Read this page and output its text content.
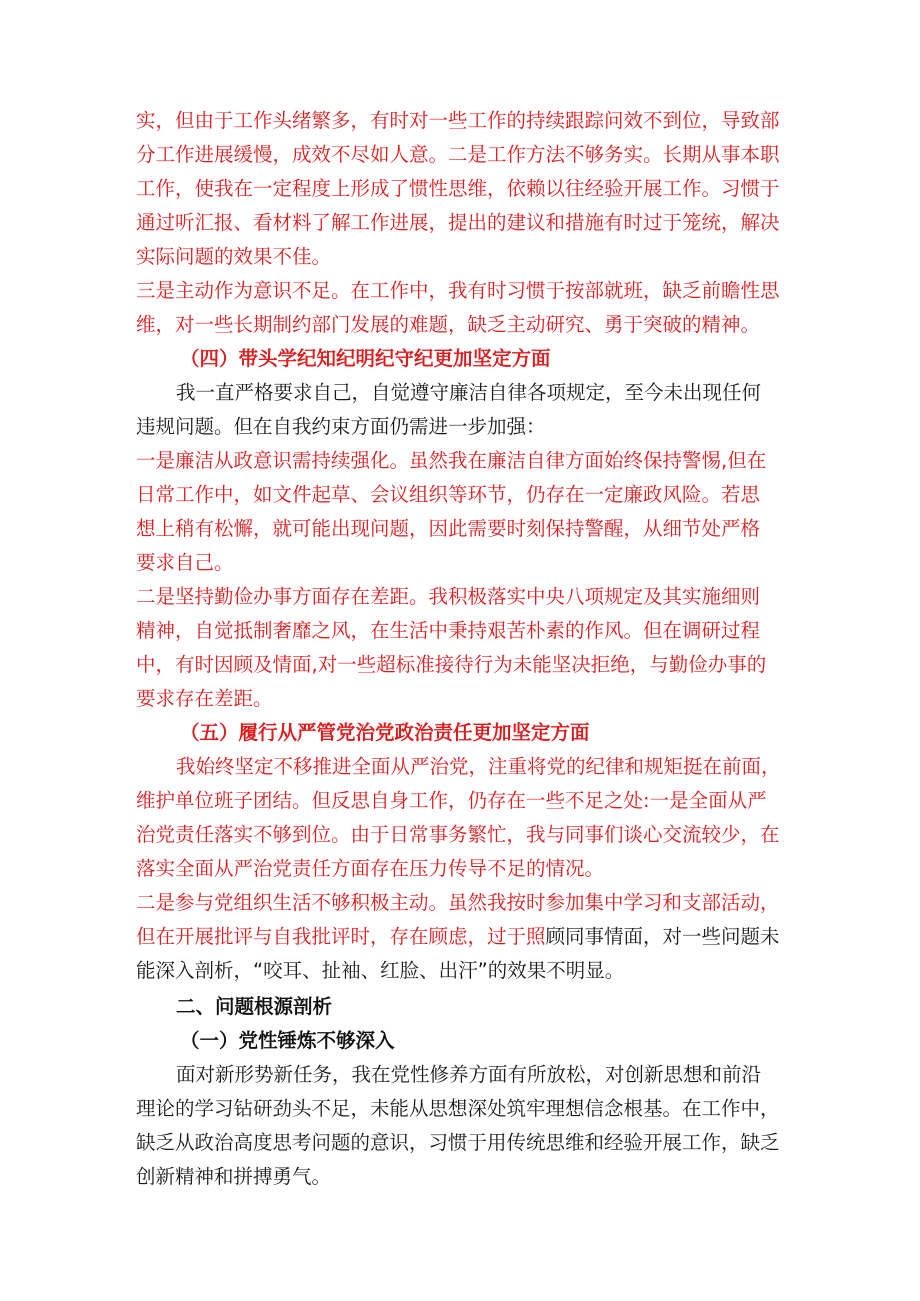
实，但由于工作头绪繁多，有时对一些工作的持续跟踪问效不到位，导致部
分工作进展缓慢，成效不尽如人意。二是工作方法不够务实。长期从事本职
工作，使我在一定程度上形成了惯性思维，依赖以往经验开展工作。习惯于
通过听汇报、看材料了解工作进展，提出的建议和措施有时过于笼统，解决
实际问题的效果不佳。
三是主动作为意识不足。在工作中，我有时习惯于按部就班，缺乏前瞻性思
维，对一些长期制约部门发展的难题，缺乏主动研究、勇于突破的精神。
（四）带头学纪知纪明纪守纪更加坚定方面
我一直严格要求自己，自觉遵守廉洁自律各项规定，至今未出现任何
违规问题。但在自我约束方面仍需进一步加强：
一是廉洁从政意识需持续强化。虽然我在廉洁自律方面始终保持警惕,但在
日常工作中，如文件起草、会议组织等环节，仍存在一定廉政风险。若思
想上稍有松懈，就可能出现问题，因此需要时刻保持警醒，从细节处严格
要求自己。
二是坚持勤俭办事方面存在差距。我积极落实中央八项规定及其实施细则
精神，自觉抵制奢靡之风，在生活中秉持艰苦朴素的作风。但在调研过程
中，有时因顾及情面,对一些超标准接待行为未能坚决拒绝，与勤俭办事的
要求存在差距。
（五）履行从严管党治党政治责任更加坚定方面
我始终坚定不移推进全面从严治党，注重将党的纪律和规矩挺在前面，
维护单位班子团结。但反思自身工作，仍存在一些不足之处:一是全面从严
治党责任落实不够到位。由于日常事务繁忙，我与同事们谈心交流较少，在
落实全面从严治党责任方面存在压力传导不足的情况。
二是参与党组织生活不够积极主动。虽然我按时参加集中学习和支部活动，
但在开展批评与自我批评时，存在顾虑，过于照顾同事情面，对一些问题未
能深入剖析，“咬耳、扯袖、红脸、出汗”的效果不明显。
二、问题根源剖析
（一）党性锤炼不够深入
面对新形势新任务，我在党性修养方面有所放松，对创新思想和前沿
理论的学习钻研劲头不足，未能从思想深处筑牢理想信念根基。在工作中，
缺乏从政治高度思考问题的意识，习惯于用传统思维和经验开展工作，缺乏
创新精神和拼搏勇气。
